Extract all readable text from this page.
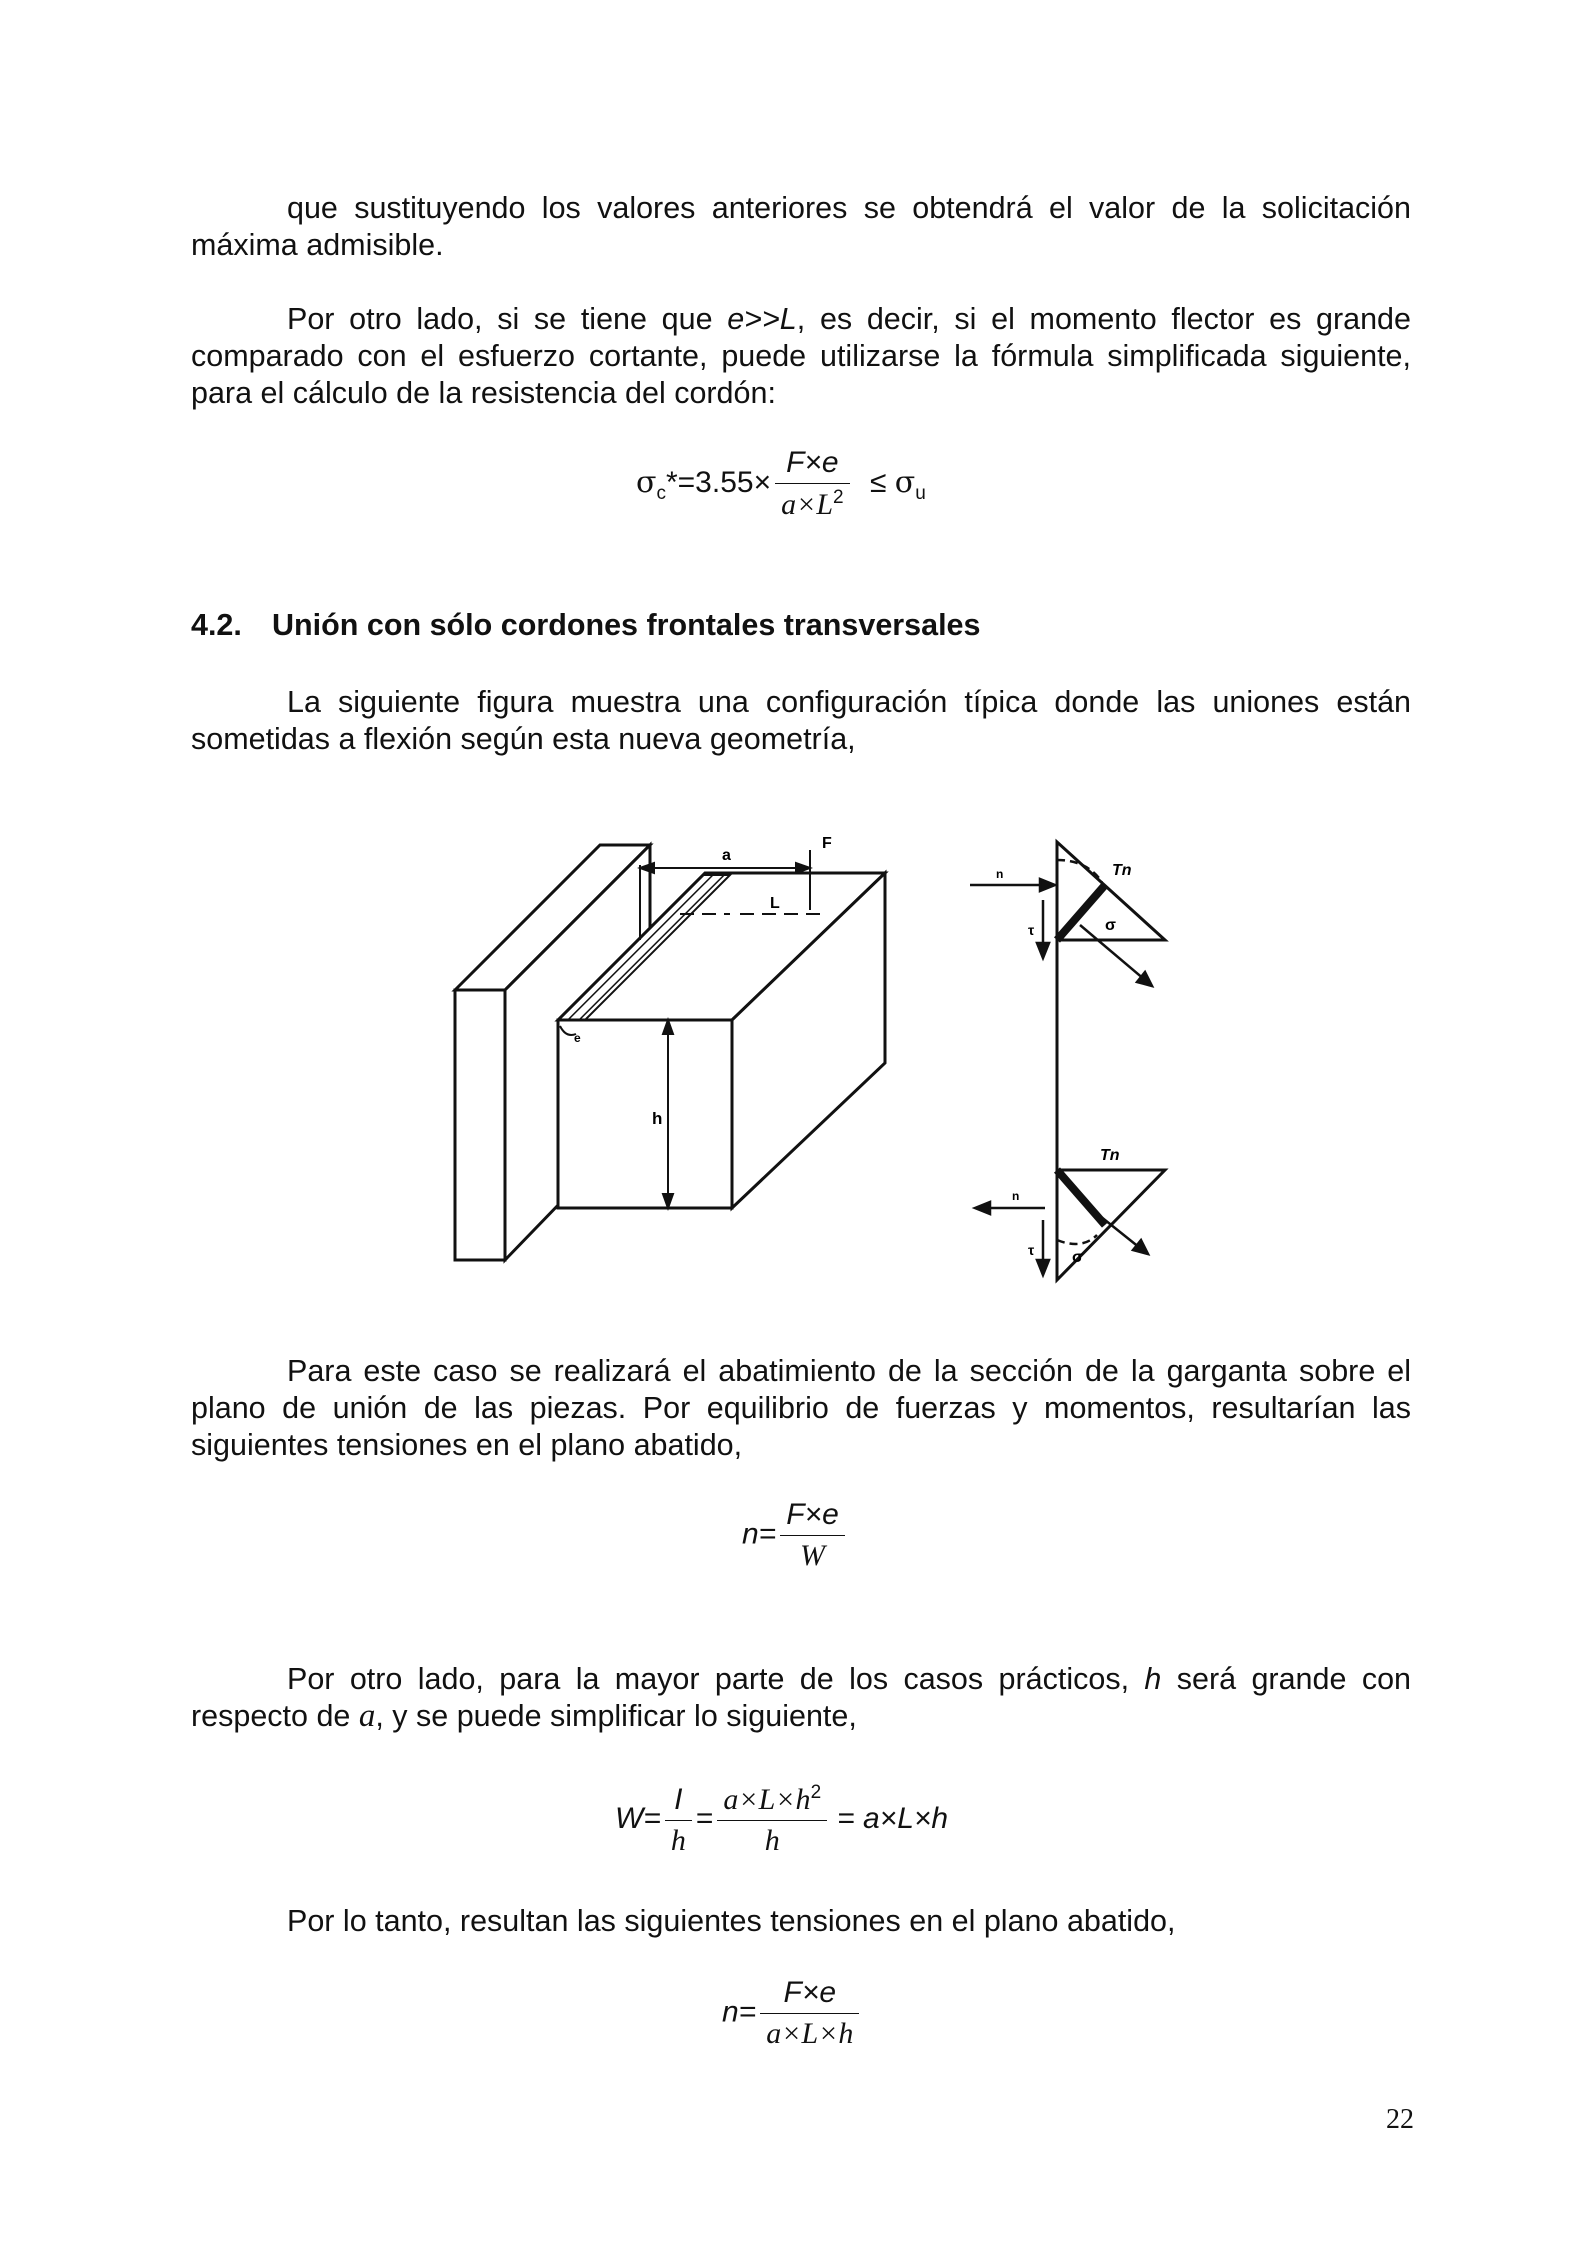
que sustituyendo los valores anteriores se obtendrá el valor de la solicitación máxima admisible.
Por otro lado, si se tiene que e>>L, es decir, si el momento flector es grande comparado con el esfuerzo cortante, puede utilizarse la fórmula simplificada siguiente, para el cálculo de la resistencia del cordón:
$\sigma_c*=3.55\times \frac{F\times e}{a\times L^2} \le \sigma_u$
4.2. Unión con sólo cordones frontales transversales
La siguiente figura muestra una configuración típica donde las uniones están sometidas a flexión según esta nueva geometría,
a
F
L
h
e
n	Tn
σ
τ
n
Tn
σ
τ
Para este caso se realizará el abatimiento de la sección de la garganta sobre el plano de unión de las piezas. Por equilibrio de fuerzas y momentos, resultarían las siguientes tensiones en el plano abatido,
$n= \frac{F\times e}{W}$
Por otro lado, para la mayor parte de los casos prácticos, h será grande con respecto de a, y se puede simplificar lo siguiente,
$W= \frac{I}{h} = \frac{a\times L\times h^2}{h} = a\times L\times h$
Por lo tanto, resultan las siguientes tensiones en el plano abatido,
$n= \frac{F\times e}{a\times L\times h}$
22
